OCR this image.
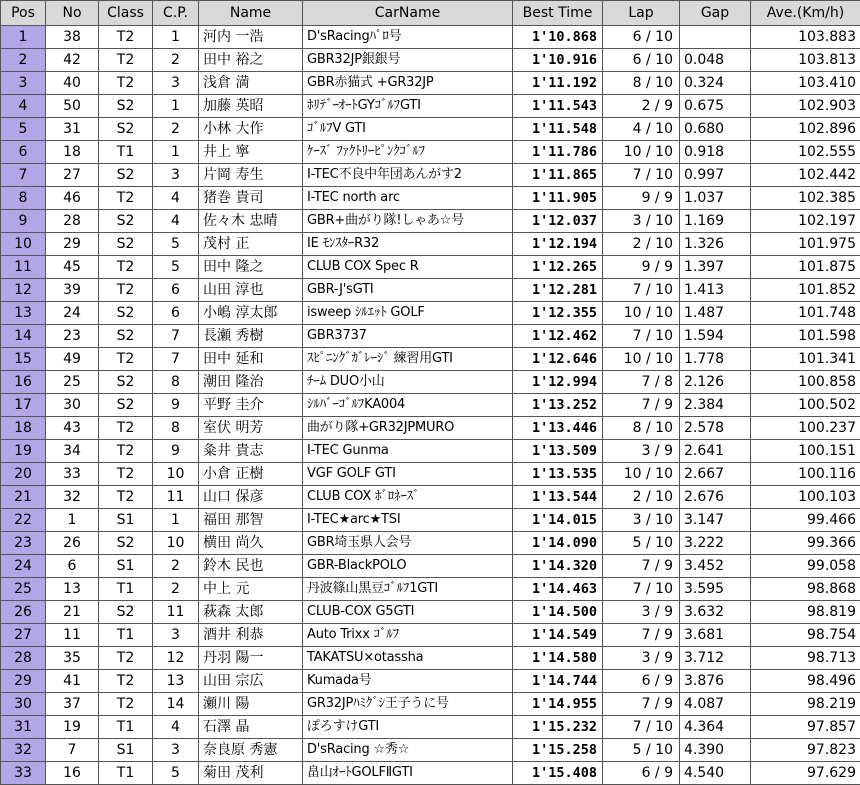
Pos	No	Class	C.P.	Name	CarName	Best Time	Lap	Gap	Ave.(Km/h)
1	38	T2	1	河内 一浩	D'sRacingﾊﾟﾛ号	1'10.868	6 / 10		103.883
2	42	T2	2	田中 裕之	GBR32JP銀銀号	1'10.916	6 / 10	0.048	103.813
3	40	T2	3	浅倉 満	GBR赤猫式 +GR32JP	1'11.192	8 / 10	0.324	103.410
4	50	S2	1	加藤 英昭	ﾎﾘﾃﾞｰｵｰﾄGYｺﾞﾙﾌGTI	1'11.543	2 / 9	0.675	102.903
5	31	S2	2	小林 大作	ｺﾞﾙﾌV GTI	1'11.548	4 / 10	0.680	102.896
6	18	T1	1	井上 寧	ｹｰｽﾞ ﾌｧｸﾄﾘｰﾋﾟﾝｸｺﾞﾙﾌ	1'11.786	10 / 10	0.918	102.555
7	27	S2	3	片岡 寿生	I-TEC不良中年団あんがす2	1'11.865	7 / 10	0.997	102.442
8	46	T2	4	猪巻 貴司	I-TEC north arc	1'11.905	9 / 9	1.037	102.385
9	28	S2	4	佐々木 忠晴	GBR+曲がり隊!しゃあ☆号	1'12.037	3 / 10	1.169	102.197
10	29	S2	5	茂村 正	IE ﾓﾝｽﾀｰR32	1'12.194	2 / 10	1.326	101.975
11	45	T2	5	田中 隆之	CLUB COX Spec R	1'12.265	9 / 9	1.397	101.875
12	39	T2	6	山田 淳也	GBR-J'sGTI	1'12.281	7 / 10	1.413	101.852
13	24	S2	6	小嶋 淳太郎	isweep ｼﾙｴｯﾄ GOLF	1'12.355	10 / 10	1.487	101.748
14	23	S2	7	長瀬 秀樹	GBR3737	1'12.462	7 / 10	1.594	101.598
15	49	T2	7	田中 延和	ｽﾋﾟﾆﾝｸﾞｶﾞﾚｰｼﾞ 練習用GTI	1'12.646	10 / 10	1.778	101.341
16	25	S2	8	潮田 隆治	ﾁｰﾑ DUO小山	1'12.994	7 / 8	2.126	100.858
17	30	S2	9	平野 圭介	ｼﾙﾊﾞｰｺﾞﾙﾌKA004	1'13.252	7 / 9	2.384	100.502
18	43	T2	8	室伏 明芳	曲がり隊+GR32JPMURO	1'13.446	8 / 10	2.578	100.237
19	34	T2	9	粂井 貴志	I-TEC Gunma	1'13.509	3 / 9	2.641	100.151
20	33	T2	10	小倉 正樹	VGF GOLF GTI	1'13.535	10 / 10	2.667	100.116
21	32	T2	11	山口 保彦	CLUB COX ﾎﾞﾛﾈｰｽﾞ	1'13.544	2 / 10	2.676	100.103
22	1	S1	1	福田 那智	I-TEC★arc★TSI	1'14.015	3 / 10	3.147	99.466
23	26	S2	10	横田 尚久	GBR埼玉県人会号	1'14.090	5 / 10	3.222	99.366
24	6	S1	2	鈴木 民也	GBR-BlackPOLO	1'14.320	7 / 9	3.452	99.058
25	13	T1	2	中上 元	丹波篠山黒豆ｺﾞﾙﾌ1GTI	1'14.463	7 / 10	3.595	98.868
26	21	S2	11	萩森 太郎	CLUB-COX G5GTI	1'14.500	3 / 9	3.632	98.819
27	11	T1	3	酒井 利恭	Auto Trixx ｺﾞﾙﾌ	1'14.549	7 / 9	3.681	98.754
28	35	T2	12	丹羽 陽一	TAKATSU×otassha	1'14.580	3 / 9	3.712	98.713
29	41	T2	13	山田 宗広	Kumada号	1'14.744	6 / 9	3.876	98.496
30	37	T2	14	瀬川 陽	GR32JPﾊﾐｸﾞｼ王子うに号	1'14.955	7 / 9	4.087	98.219
31	19	T1	4	石澤 晶	ぽろすけGTI	1'15.232	7 / 10	4.364	97.857
32	7	S1	3	奈良原 秀憲	D'sRacing ☆秀☆	1'15.258	5 / 10	4.390	97.823
33	16	T1	5	菊田 茂利	畠山ｵｰﾄGOLFⅡGTI	1'15.408	6 / 9	4.540	97.629
